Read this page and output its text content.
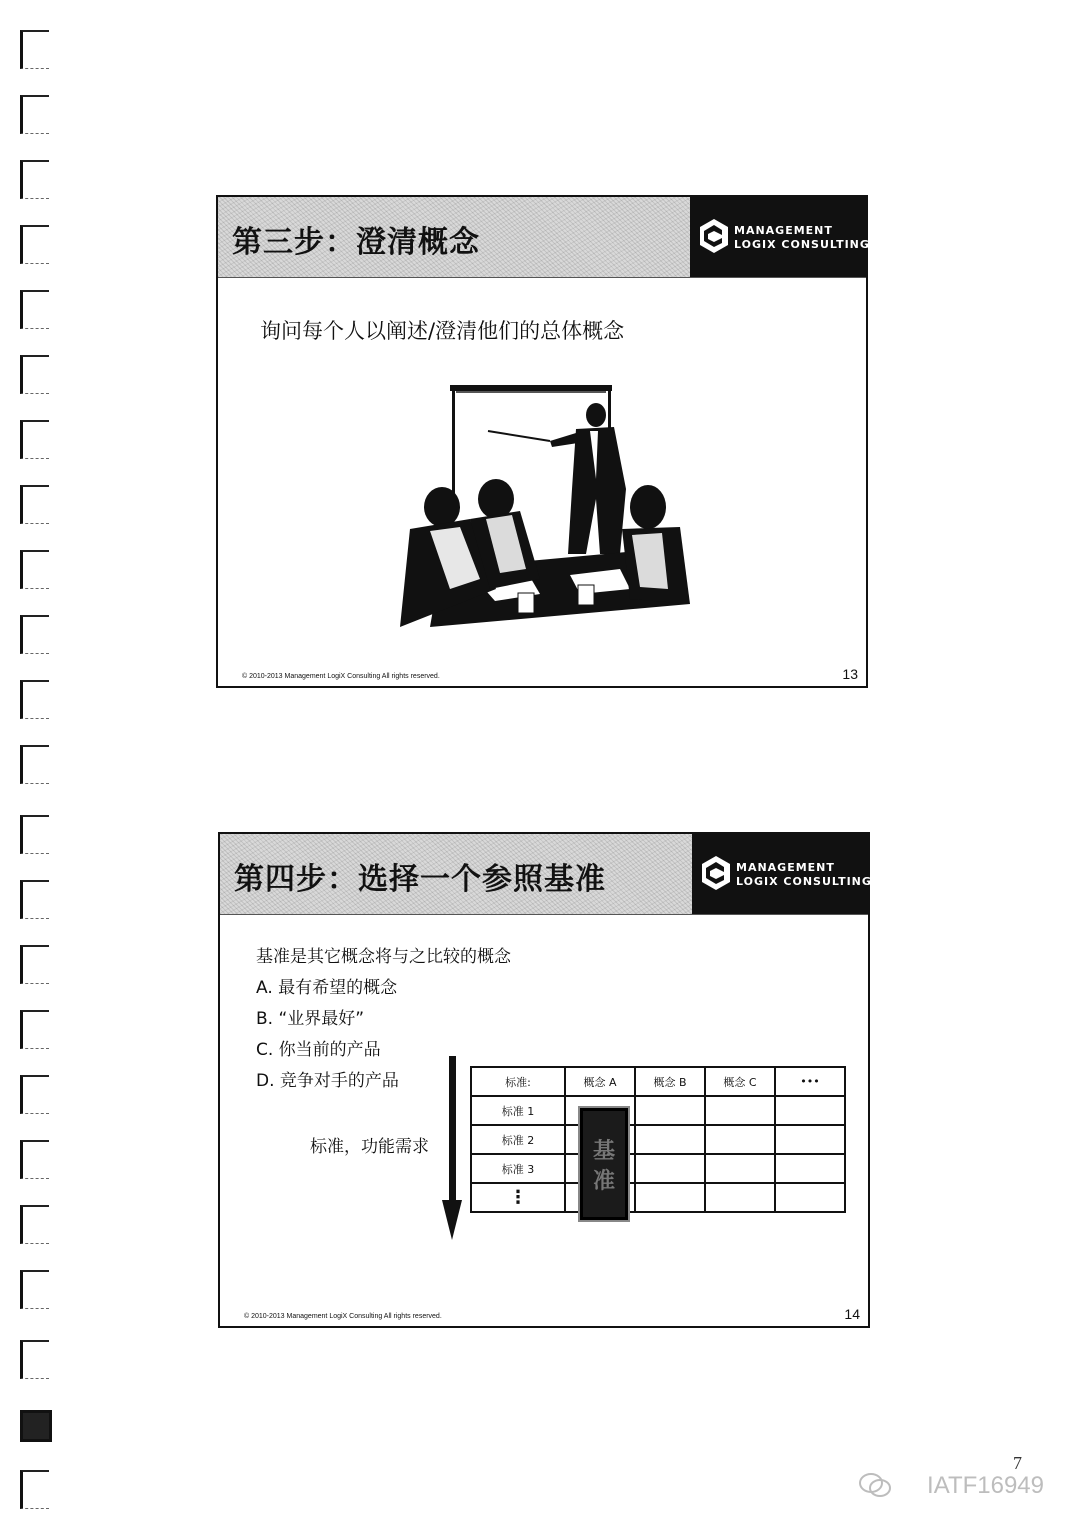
第三步：澄清概念	MANAGEMENT
LOGIX CONSULTING
询问每个人以阐述/澄清他们的总体概念
© 2010-2013 Management LogiX Consulting All rights reserved.	13
第四步：选择一个参照基准	MANAGEMENT
LOGIX CONSULTING
基准是其它概念将与之比较的概念
A. 最有希望的概念
B. “业界最好”
C. 你当前的产品
D. 竞争对手的产品
标准，功能需求
标准:	概念 A	概念 B	概念 C	•••
标准 1				
标准 2				
标准 3				
⋮				
基
准
© 2010-2013 Management LogiX Consulting All rights reserved.	14
7
IATF16949
